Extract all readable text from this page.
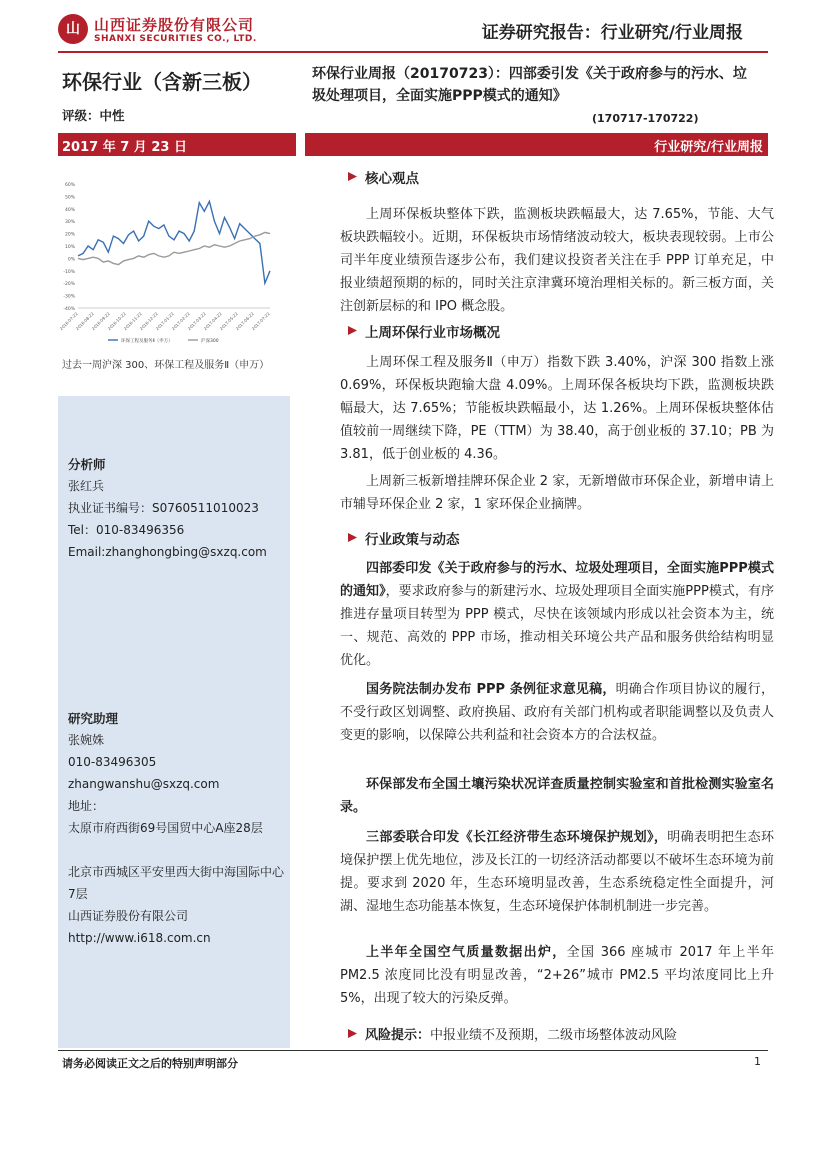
山 山西证券股份有限公司
SHANXI SECURITIES CO., LTD.	证券研究报告：行业研究/行业周报
环保行业（含新三板）
评级：中性
环保行业周报（20170723）：四部委引发《关于政府参与的污水、垃圾处理项目，全面实施PPP模式的通知》
(170717-170722)
2017 年 7 月 23 日	行业研究/行业周报
60%
50%
40%
30%
20%
10%
0%
-10%
-20%
-30%
-40%
2016-07-22
2016-08-22
2016-09-22
2016-10-22
2016-11-22
2016-12-22
2017-01-22
2017-02-22
2017-03-22
2017-04-22
2017-05-22
2017-06-22
2017-07-22
环保工程及服务Ⅱ（申万）	沪深300
过去一周沪深 300、环保工程及服务Ⅱ（申万）
分析师
张红兵
执业证书编号：S0760511010023
Tel：010-83496356
Email:zhanghongbing@sxzq.com
研究助理
张婉姝
010-83496305
zhangwanshu@sxzq.com
地址：
太原市府西街69号国贸中心A座28层
北京市西城区平安里西大街中海国际中心7层
山西证券股份有限公司
http://www.i618.com.cn
核心观点
上周环保板块整体下跌，监测板块跌幅最大，达 7.65%，节能、大气板块跌幅较小。近期，环保板块市场情绪波动较大，板块表现较弱。上市公司半年度业绩预告逐步公布，我们建议投资者关注在手 PPP 订单充足，中报业绩超预期的标的，同时关注京津冀环境治理相关标的。新三板方面，关注创新层标的和 IPO 概念股。
上周环保行业市场概况
上周环保工程及服务Ⅱ（申万）指数下跌 3.40%，沪深 300 指数上涨 0.69%，环保板块跑输大盘 4.09%。上周环保各板块均下跌，监测板块跌幅最大，达 7.65%；节能板块跌幅最小，达 1.26%。上周环保板块整体估值较前一周继续下降，PE（TTM）为 38.40，高于创业板的 37.10；PB 为 3.81，低于创业板的 4.36。
上周新三板新增挂牌环保企业 2 家，无新增做市环保企业，新增申请上市辅导环保企业 2 家，1 家环保企业摘牌。
行业政策与动态
四部委印发《关于政府参与的污水、垃圾处理项目，全面实施PPP模式的通知》，要求政府参与的新建污水、垃圾处理项目全面实施PPP模式，有序推进存量项目转型为 PPP 模式，尽快在该领域内形成以社会资本为主，统一、规范、高效的 PPP 市场，推动相关环境公共产品和服务供给结构明显优化。
国务院法制办发布 PPP 条例征求意见稿，明确合作项目协议的履行，不受行政区划调整、政府换届、政府有关部门机构或者职能调整以及负责人变更的影响，以保障公共利益和社会资本方的合法权益。
环保部发布全国土壤污染状况详查质量控制实验室和首批检测实验室名录。
三部委联合印发《长江经济带生态环境保护规划》，明确表明把生态环境保护摆上优先地位，涉及长江的一切经济活动都要以不破坏生态环境为前提。要求到 2020 年，生态环境明显改善，生态系统稳定性全面提升，河湖、湿地生态功能基本恢复，生态环境保护体制机制进一步完善。
上半年全国空气质量数据出炉，全国 366 座城市 2017 年上半年 PM2.5 浓度同比没有明显改善，“2+26”城市 PM2.5 平均浓度同比上升 5%，出现了较大的污染反弹。
风险提示：中报业绩不及预期，二级市场整体波动风险
请务必阅读正文之后的特别声明部分	1
